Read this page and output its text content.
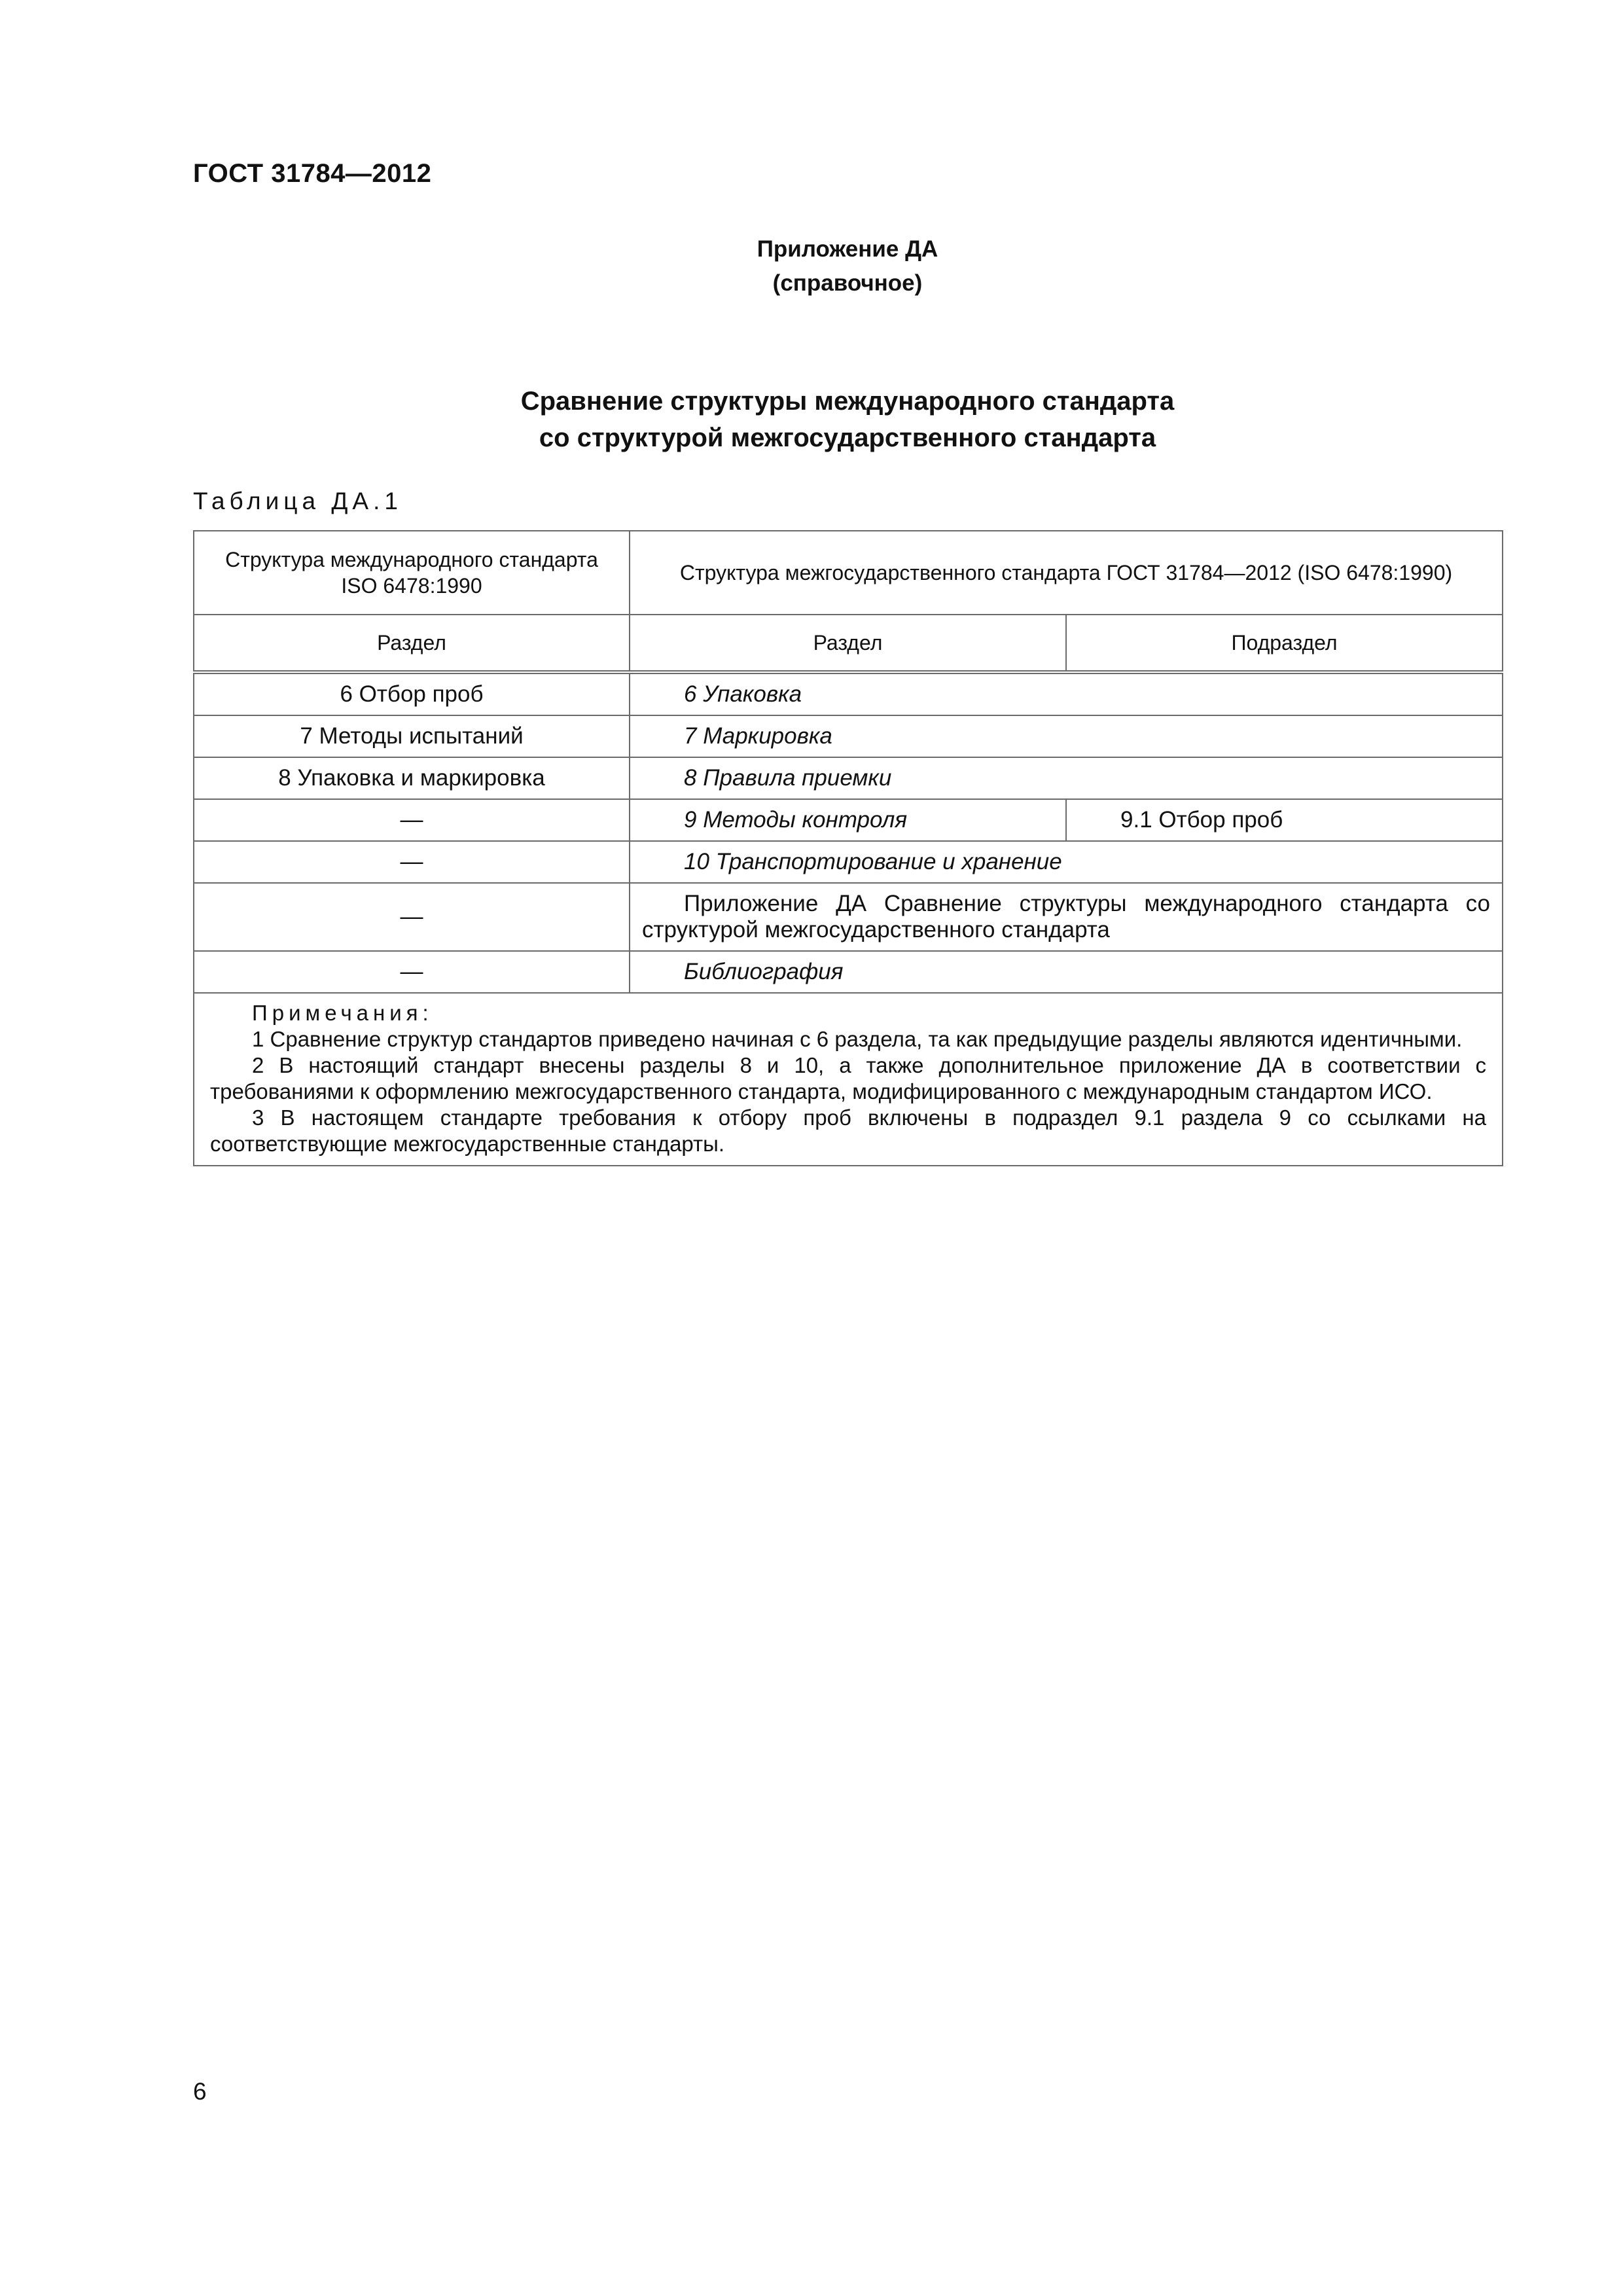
ГОСТ 31784—2012
Приложение ДА
(справочное)
Сравнение структуры международного стандарта
со структурой межгосударственного стандарта
Таблица ДА.1
Структура международного стандарта ISO 6478:1990	Структура межгосударственного стандарта ГОСТ 31784—2012 (ISO 6478:1990)	
Раздел	Раздел	Подраздел
6 Отбор проб	6 Упаковка	
7 Методы испытаний	7 Маркировка	
8 Упаковка и маркировка	8 Правила приемки	
—	9 Методы контроля	9.1 Отбор проб
—	10 Транспортирование и хранение	
—	Приложение ДА Сравнение структуры международного стандарта со структурой межгосударственного стандарта	
—	Библиография	

Примечания:

1 Сравнение структур стандартов приведено начиная с 6 раздела, та как предыдущие разделы являются идентичными.

2 В настоящий стандарт внесены разделы 8 и 10, а также дополнительное приложение ДА в соответствии с требованиями к оформлению межгосударственного стандарта, модифицированного с международным стандартом ИСО.

3 В настоящем стандарте требования к отбору проб включены в подраздел 9.1 раздела 9 со ссылками на соответствующие межгосударственные стандарты.		

6
